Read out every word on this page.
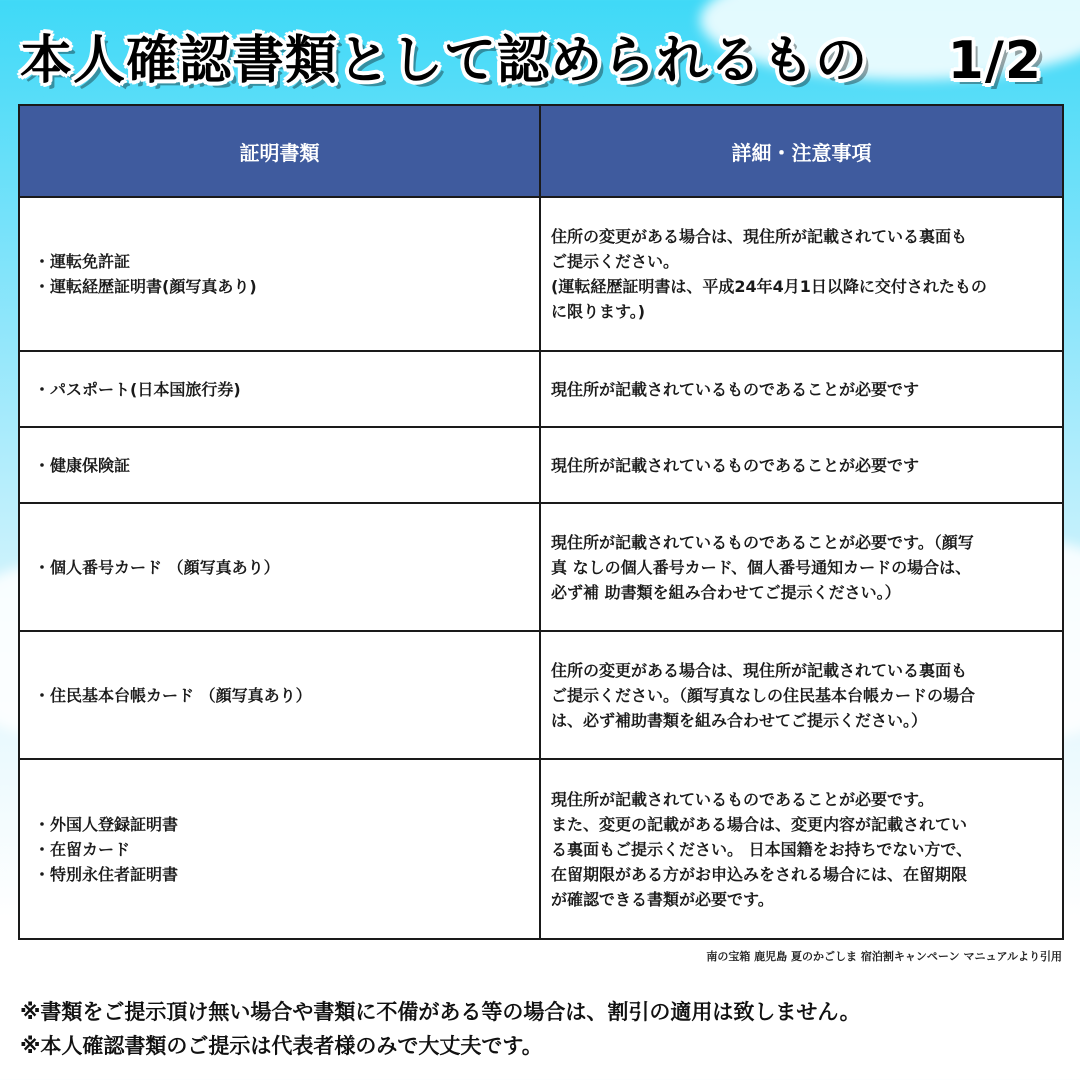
本人確認書類として認められるもの 1/2
証明書類	詳細・注意事項

・運転免許証
・運転経歴証明書(顔写真あり)	住所の変更がある場合は、現住所が記載されている裏面も
ご提示ください。
(運転経歴証明書は、平成24年4月1日以降に交付されたもの
に限ります。)

・パスポート(日本国旅行券)	現住所が記載されているものであることが必要です

・健康保険証	現住所が記載されているものであることが必要です

・個人番号カード （顔写真あり）	現住所が記載されているものであることが必要です。（顔写
真 なしの個人番号カード、個人番号通知カードの場合は、
必ず補 助書類を組み合わせてご提示ください。）

・住民基本台帳カード （顔写真あり）	住所の変更がある場合は、現住所が記載されている裏面も
ご提示ください。（顔写真なしの住民基本台帳カードの場合
は、必ず補助書類を組み合わせてご提示ください。）

・外国人登録証明書
・在留カード
・特別永住者証明書	現住所が記載されているものであることが必要です。
また、変更の記載がある場合は、変更内容が記載されてい
る裏面もご提示ください。 日本国籍をお持ちでない方で、
在留期限がある方がお申込みをされる場合には、在留期限
が確認できる書類が必要です。
南の宝箱 鹿児島 夏のかごしま 宿泊割キャンペーン マニュアルより引用
※書類をご提示頂け無い場合や書類に不備がある等の場合は、割引の適用は致しません。
※本人確認書類のご提示は代表者様のみで大丈夫です。
